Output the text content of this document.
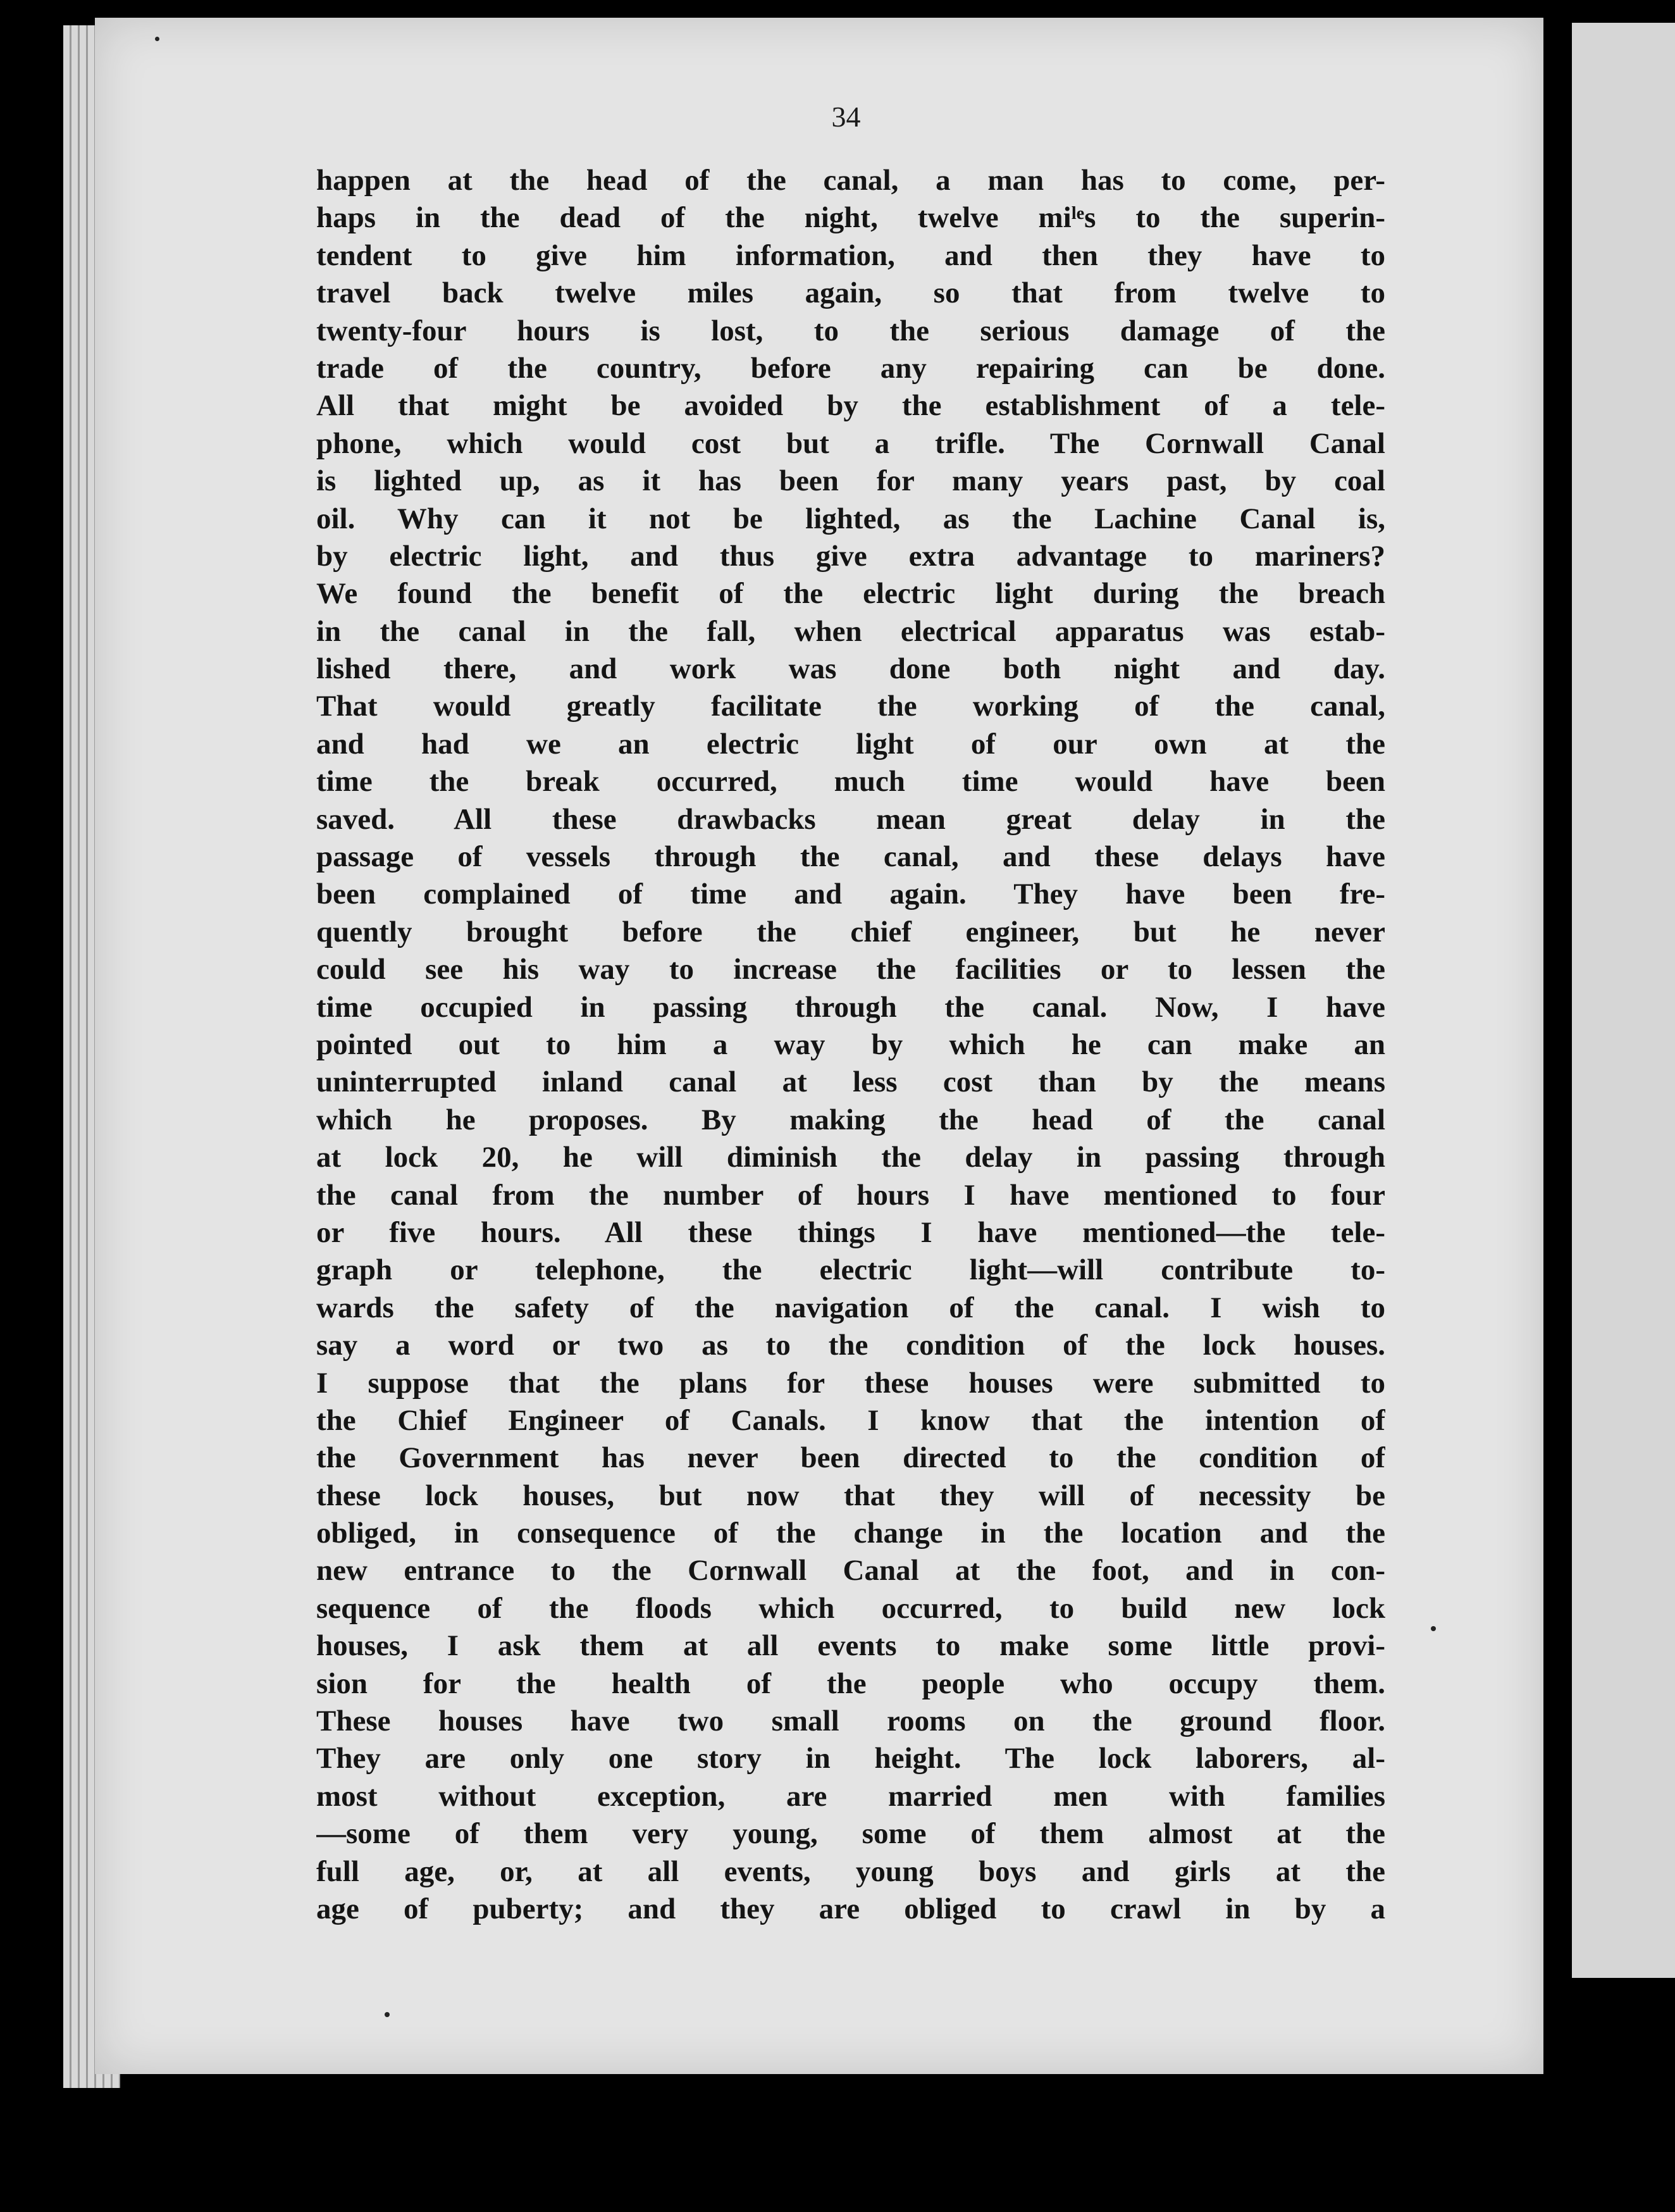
34
happen at the head of the canal, a man has to come, per-
haps in the dead of the night, twelve miˡᵉs to the superin-
tendent to give him information, and then they have to
travel back twelve miles again, so that from twelve to
twenty-four hours is lost, to the serious damage of the
trade of the country, before any repairing can be done.
All that might be avoided by the establishment of a tele-
phone, which would cost but a trifle. The Cornwall Canal
is lighted up, as it has been for many years past, by coal
oil. Why can it not be lighted, as the Lachine Canal is,
by electric light, and thus give extra advantage to mariners?
We found the benefit of the electric light during the breach
in the canal in the fall, when electrical apparatus was estab-
lished there, and work was done both night and day.
That would greatly facilitate the working of the canal,
and had we an electric light of our own at the
time the break occurred, much time would have been
saved. All these drawbacks mean great delay in the
passage of vessels through the canal, and these delays have
been complained of time and again. They have been fre-
quently brought before the chief engineer, but he never
could see his way to increase the facilities or to lessen the
time occupied in passing through the canal. Now, I have
pointed out to him a way by which he can make an
uninterrupted inland canal at less cost than by the means
which he proposes. By making the head of the canal
at lock 20, he will diminish the delay in passing through
the canal from the number of hours I have mentioned to four
or five hours. All these things I have mentioned—the tele-
graph or telephone, the electric light—will contribute to-
wards the safety of the navigation of the canal. I wish to
say a word or two as to the condition of the lock houses.
I suppose that the plans for these houses were submitted to
the Chief Engineer of Canals. I know that the intention of
the Government has never been directed to the condition of
these lock houses, but now that they will of necessity be
obliged, in consequence of the change in the location and the
new entrance to the Cornwall Canal at the foot, and in con-
sequence of the floods which occurred, to build new lock
houses, I ask them at all events to make some little provi-
sion for the health of the people who occupy them.
These houses have two small rooms on the ground floor.
They are only one story in height. The lock laborers, al-
most without exception, are married men with families
—some of them very young, some of them almost at the
full age, or, at all events, young boys and girls at the
age of puberty; and they are obliged to crawl in by a
